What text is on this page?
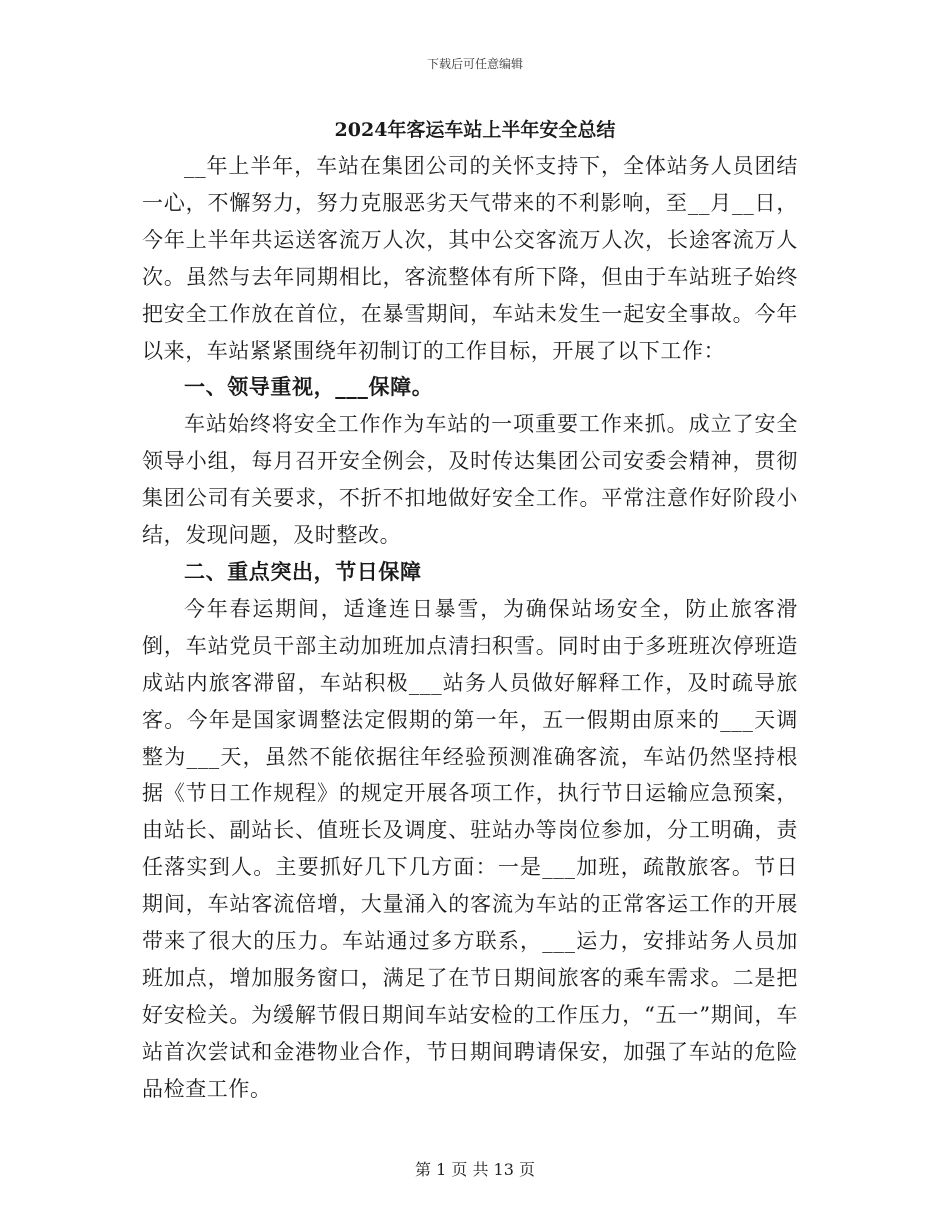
下载后可任意编辑
2024年客运车站上半年安全总结

__年上半年，车站在集团公司的关怀支持下，全体站务人员团结一心，不懈努力，努力克服恶劣天气带来的不利影响，至__月__日，今年上半年共运送客流万人次，其中公交客流万人次，长途客流万人次。虽然与去年同期相比，客流整体有所下降，但由于车站班子始终把安全工作放在首位，在暴雪期间，车站未发生一起安全事故。今年以来，车站紧紧围绕年初制订的工作目标，开展了以下工作：

一、领导重视，___保障。

车站始终将安全工作作为车站的一项重要工作来抓。成立了安全领导小组，每月召开安全例会，及时传达集团公司安委会精神，贯彻集团公司有关要求，不折不扣地做好安全工作。平常注意作好阶段小结，发现问题，及时整改。

二、重点突出，节日保障

今年春运期间，适逢连日暴雪，为确保站场安全，防止旅客滑倒，车站党员干部主动加班加点清扫积雪。同时由于多班班次停班造成站内旅客滞留，车站积极___站务人员做好解释工作，及时疏导旅客。今年是国家调整法定假期的第一年，五一假期由原来的___天调整为___天，虽然不能依据往年经验预测准确客流，车站仍然坚持根据《节日工作规程》的规定开展各项工作，执行节日运输应急预案，由站长、副站长、值班长及调度、驻站办等岗位参加，分工明确，责任落实到人。主要抓好几下几方面：一是___加班，疏散旅客。节日期间，车站客流倍增，大量涌入的客流为车站的正常客运工作的开展带来了很大的压力。车站通过多方联系，___运力，安排站务人员加班加点，增加服务窗口，满足了在节日期间旅客的乘车需求。二是把好安检关。为缓解节假日期间车站安检的工作压力，“五一”期间，车站首次尝试和金港物业合作，节日期间聘请保安，加强了车站的危险品检查工作。

第 1 页 共 13 页
